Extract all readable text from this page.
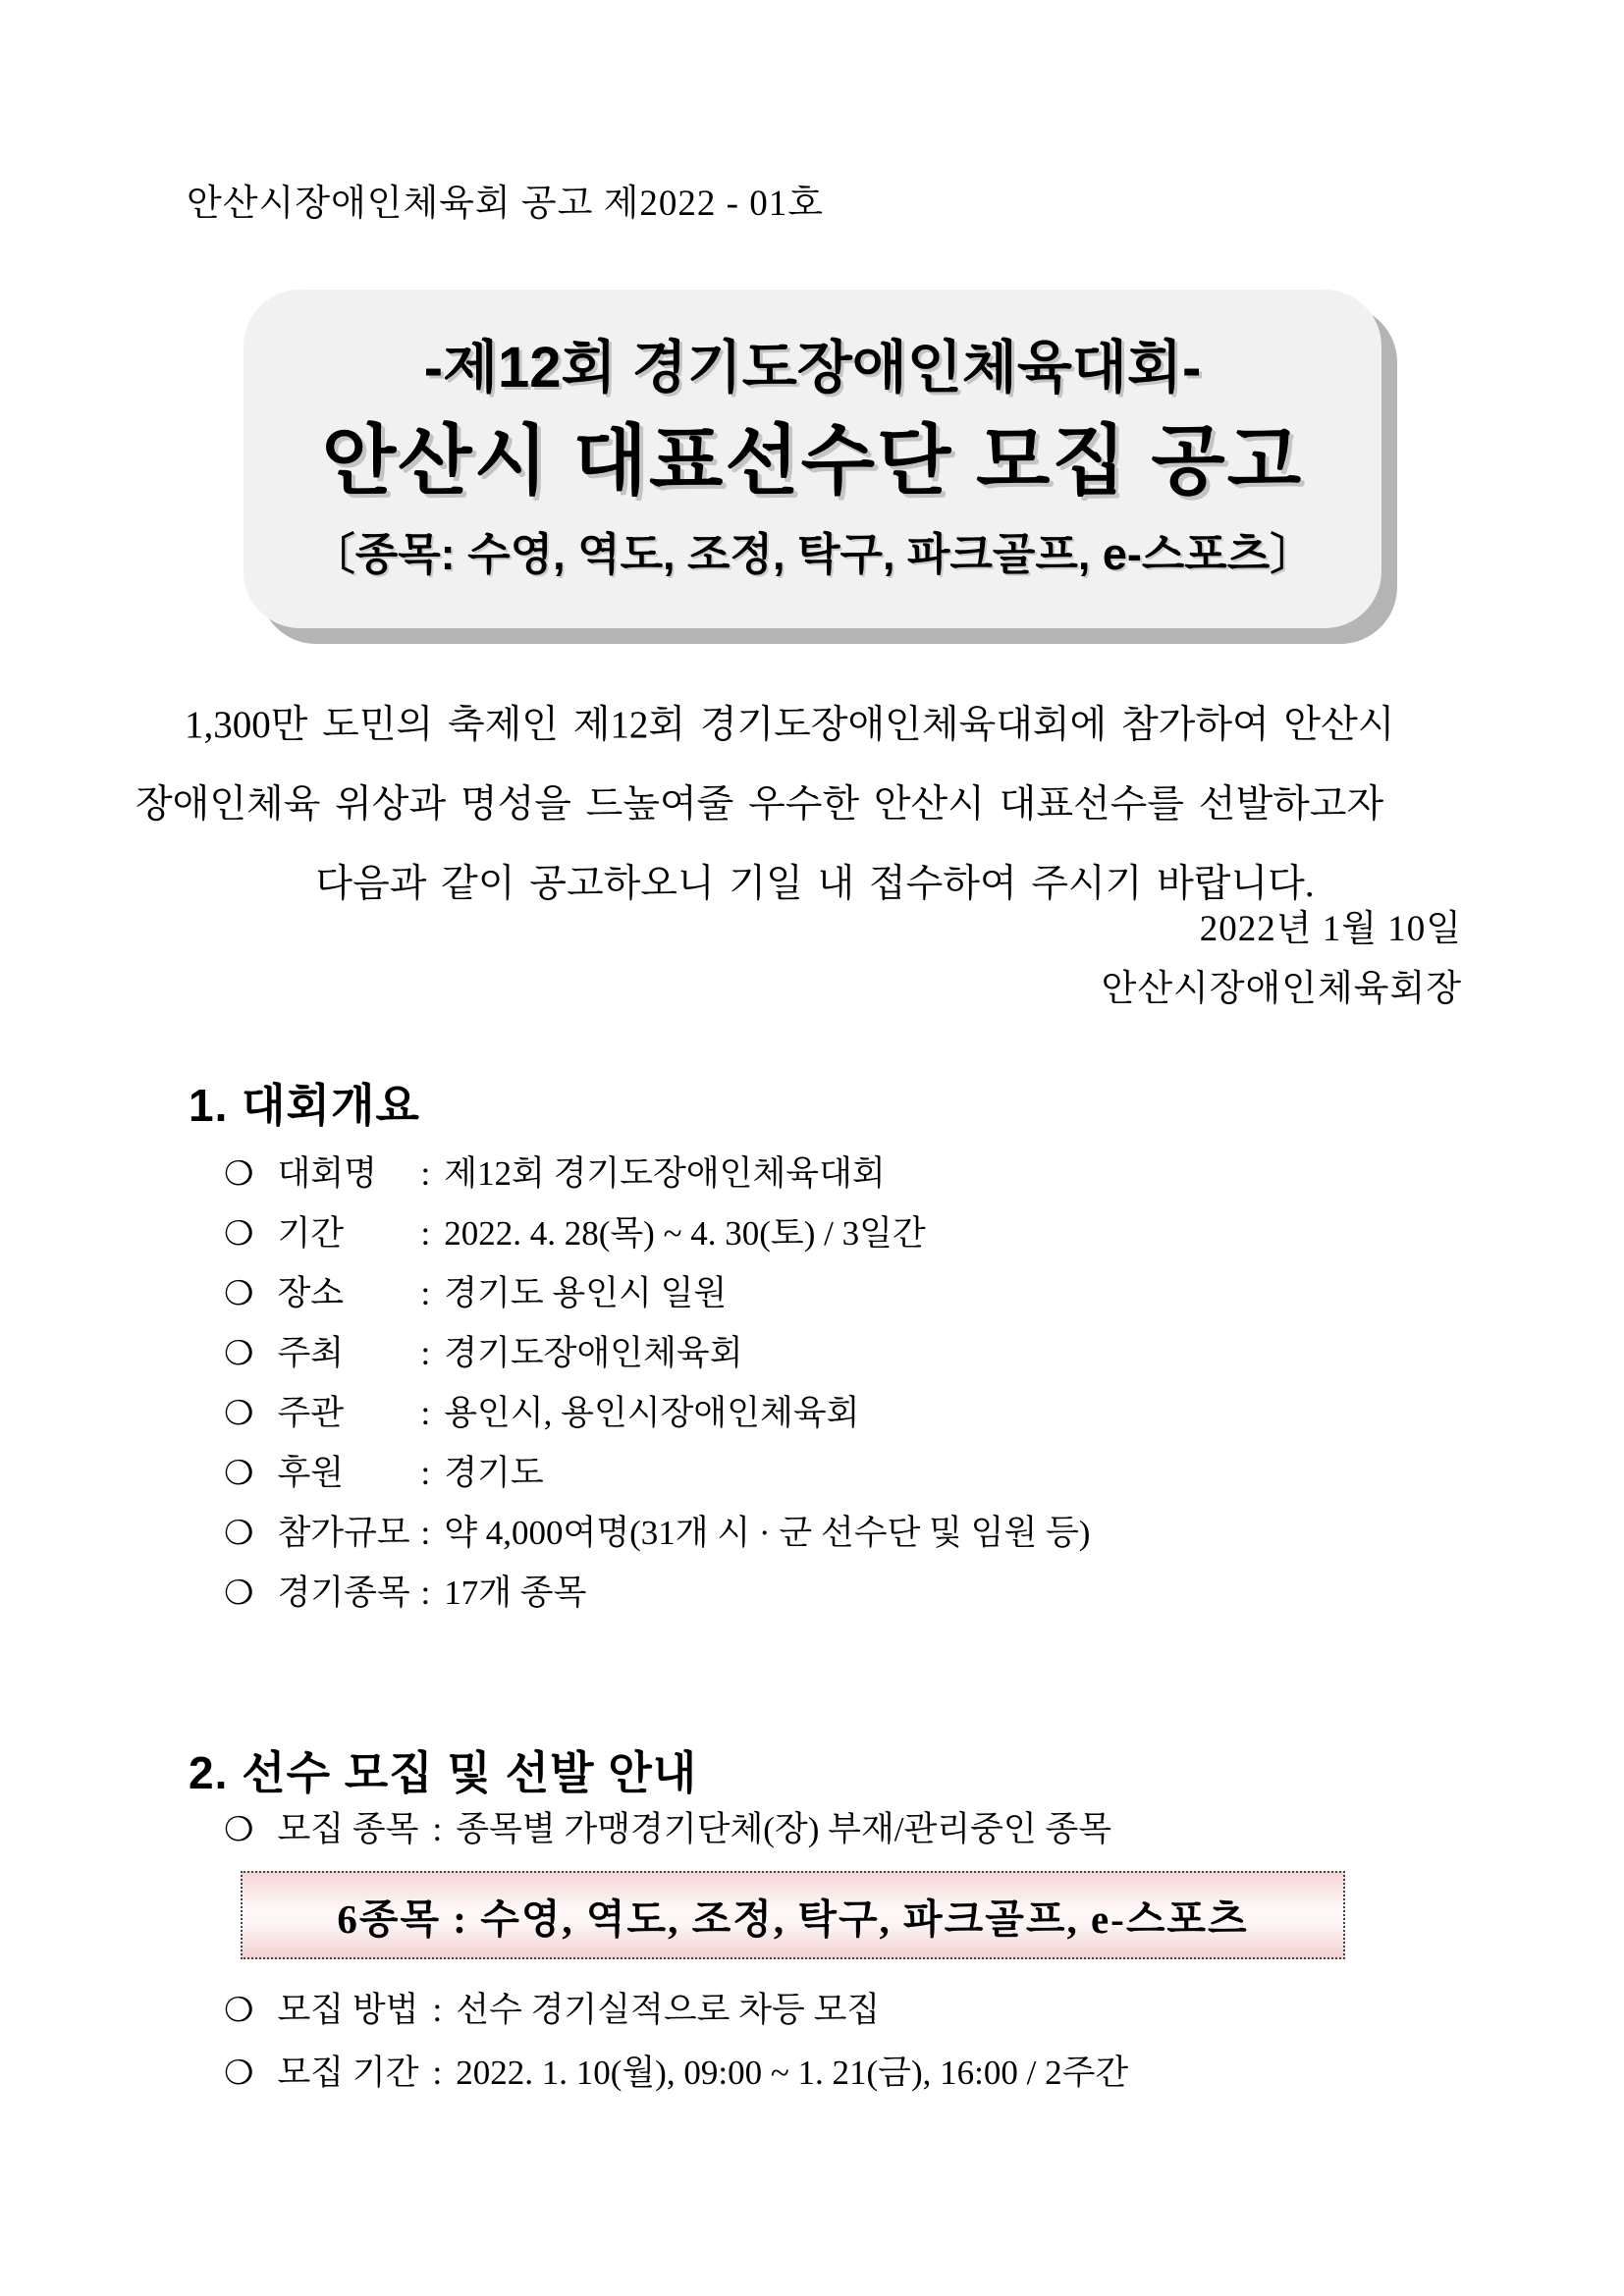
안산시장애인체육회 공고 제2022 - 01호
-제12회 경기도장애인체육대회-
안산시 대표선수단 모집 공고
〔종목: 수영, 역도, 조정, 탁구, 파크골프, e-스포츠〕
1,300만 도민의 축제인 제12회 경기도장애인체육대회에 참가하여 안산시
장애인체육 위상과 명성을 드높여줄 우수한 안산시 대표선수를 선발하고자
다음과 같이 공고하오니 기일 내 접수하여 주시기 바랍니다.
2022년 1월 10일
안산시장애인체육회장
1. 대회개요
❍ 대회명	: 제12회 경기도장애인체육대회
❍ 기간	: 2022. 4. 28(목) ~ 4. 30(토) / 3일간
❍ 장소	: 경기도 용인시 일원
❍ 주최	: 경기도장애인체육회
❍ 주관	: 용인시, 용인시장애인체육회
❍ 후원	: 경기도
❍ 참가규모 : 약 4,000여명(31개 시 · 군 선수단 및 임원 등)
❍ 경기종목 : 17개 종목
2. 선수 모집 및 선발 안내
❍ 모집 종목 : 종목별 가맹경기단체(장) 부재/관리중인 종목
6종목 : 수영, 역도, 조정, 탁구, 파크골프, e-스포츠
❍ 모집 방법 : 선수 경기실적으로 차등 모집
❍ 모집 기간 : 2022. 1. 10(월), 09:00 ~ 1. 21(금), 16:00 / 2주간
